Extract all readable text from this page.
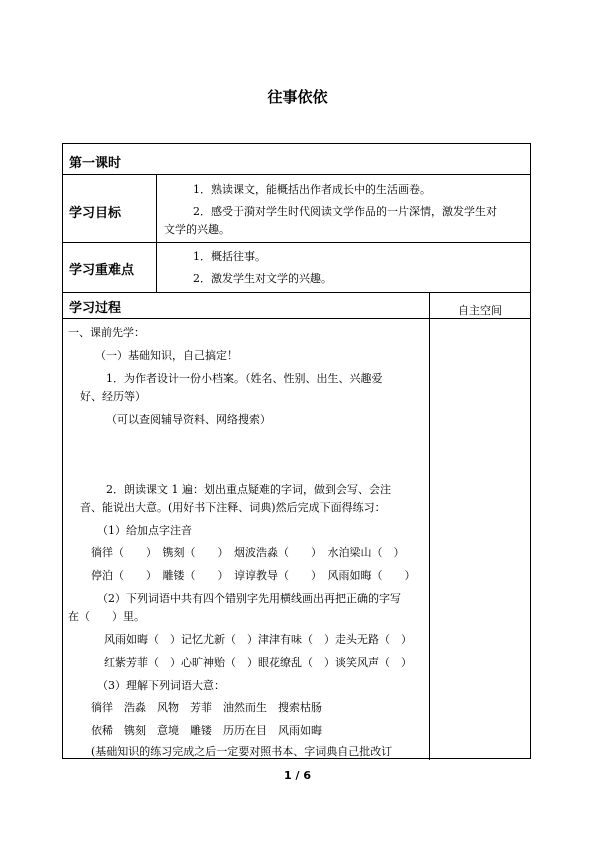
往事依依
第一课时
学习目标
1．熟读课文，能概括出作者成长中的生活画卷。
2．感受于漪对学生时代阅读文学作品的一片深情，激发学生对
文学的兴趣。
学习重难点
1．概括往事。
2．激发学生对文学的兴趣。
学习过程	自主空间
一、课前先学：
（一）基础知识，自己搞定！
1．为作者设计一份小档案。（姓名、性别、出生、兴趣爱
好、经历等）
（可以查阅辅导资料、网络搜索）
2．朗读课文 1 遍：划出重点疑难的字词，做到会写、会注
音、能说出大意。(用好书下注释、词典)然后完成下面得练习：
（1）给加点字注音
徜徉（　　）　镌刻（　　）　烟波浩淼（　　）　水泊梁山（　）
停泊（　　）　雕镂（　　）　谆谆教导（　　）　风雨如晦（　　）
（2）下列词语中共有四个错别字先用横线画出再把正确的字写
在（　　）里。
风雨如晦（　）记忆尤新（　）津津有味（　）走头无路（　）
红紫芳菲（　）心旷神贻（　）眼花缭乱（　）谈笑风声（　）
（3）理解下列词语大意：
徜徉　浩淼　风物　芳菲　油然而生　搜索枯肠
依稀　镌刻　意境　雕镂　历历在目　风雨如晦
(基础知识的练习完成之后一定要对照书本、字词典自己批改订
1 / 6
